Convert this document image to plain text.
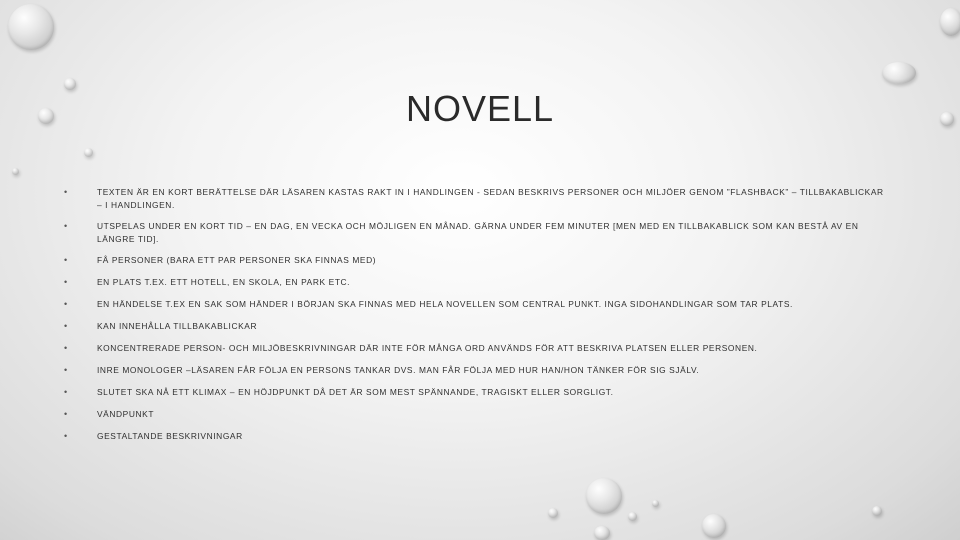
NOVELL
•	TEXTEN ÄR EN KORT BERÄTTELSE DÄR LÄSAREN KASTAS RAKT IN I HANDLINGEN - SEDAN BESKRIVS PERSONER OCH MILJÖER GENOM ”FLASHBACK” – TILLBAKABLICKAR – I HANDLINGEN.
•	UTSPELAS UNDER EN KORT TID – EN DAG, EN VECKA OCH MÖJLIGEN EN MÅNAD. GÄRNA UNDER FEM MINUTER [MEN MED EN TILLBAKABLICK SOM KAN BESTÅ AV EN LÄNGRE TID].
•	FÅ PERSONER (BARA ETT PAR PERSONER SKA FINNAS MED)
•	EN PLATS T.EX. ETT HOTELL, EN SKOLA, EN PARK ETC.
•	EN HÄNDELSE T.EX EN SAK SOM HÄNDER I BÖRJAN SKA FINNAS MED HELA NOVELLEN SOM CENTRAL PUNKT. INGA SIDOHANDLINGAR SOM TAR PLATS.
•	KAN INNEHÅLLA TILLBAKABLICKAR
•	KONCENTRERADE PERSON- OCH MILJÖBESKRIVNINGAR DÄR INTE FÖR MÅNGA ORD ANVÄNDS FÖR ATT BESKRIVA PLATSEN ELLER PERSONEN.
•	INRE MONOLOGER –LÄSAREN FÅR FÖLJA EN PERSONS TANKAR DVS. MAN FÅR FÖLJA MED HUR HAN/HON TÄNKER FÖR SIG SJÄLV.
•	SLUTET SKA NÅ ETT KLIMAX – EN HÖJDPUNKT DÅ DET ÄR SOM MEST SPÄNNANDE, TRAGISKT ELLER SORGLIGT.
•	VÄNDPUNKT
•	GESTALTANDE BESKRIVNINGAR
